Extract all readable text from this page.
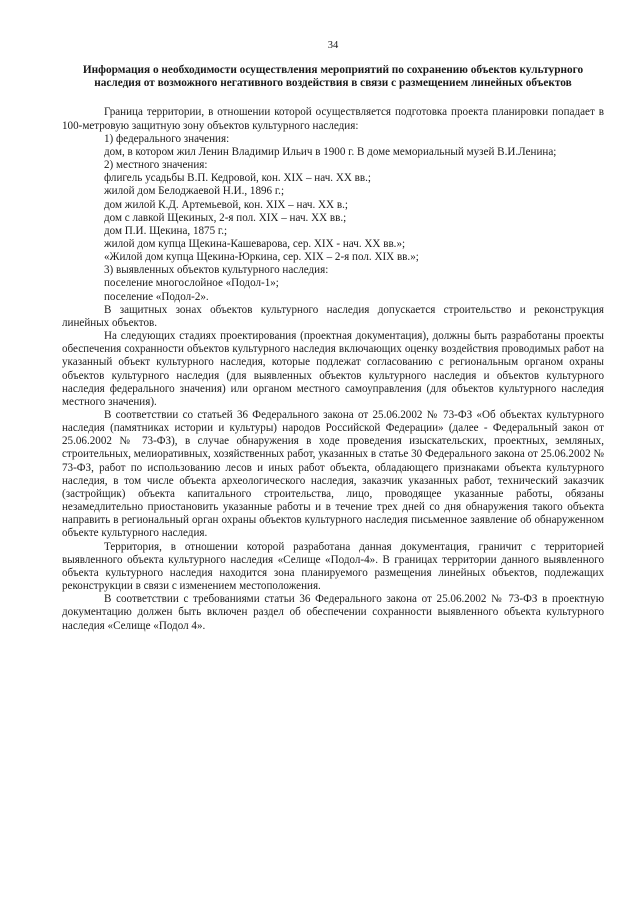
34
Информация о необходимости осуществления мероприятий по сохранению объектов культурного наследия от возможного негативного воздействия в связи с размещением линейных объектов

Граница территории, в отношении которой осуществляется подготовка проекта планировки попадает в 100-метровую защитную зону объектов культурного наследия:

1) федерального значения:

дом, в котором жил Ленин Владимир Ильич в 1900 г. В доме мемориальный музей В.И.Ленина;

2) местного значения:

флигель усадьбы В.П. Кедровой, кон. XIX – нач. XX вв.;

жилой дом Белоджаевой Н.И., 1896 г.;

дом жилой К.Д. Артемьевой, кон. XIX – нач. XX в.;

дом с лавкой Щекиных, 2-я пол. XIX – нач. XX вв.;

дом П.И. Щекина, 1875 г.;

жилой дом купца Щекина-Кашеварова, сер. XIX - нач. XX вв.»;

«Жилой дом купца Щекина-Юркина, сер. XIX – 2-я пол. XIX вв.»;

3) выявленных объектов культурного наследия:

поселение многослойное «Подол-1»;

поселение «Подол-2».

В защитных зонах объектов культурного наследия допускается строительство и реконструкция линейных объектов.

На следующих стадиях проектирования (проектная документация), должны быть разработаны проекты обеспечения сохранности объектов культурного наследия включающих оценку воздействия проводимых работ на указанный объект культурного наследия, которые подлежат согласованию с региональным органом охраны объектов культурного наследия (для выявленных объектов культурного наследия и объектов культурного наследия федерального значения) или органом местного самоуправления (для объектов культурного наследия местного значения).

В соответствии со статьей 36 Федерального закона от 25.06.2002 № 73-ФЗ «Об объектах культурного наследия (памятниках истории и культуры) народов Российской Федерации» (далее - Федеральный закон от 25.06.2002 № 73-ФЗ), в случае обнаружения в ходе проведения изыскательских, проектных, земляных, строительных, мелиоративных, хозяйственных работ, указанных в статье 30 Федерального закона от 25.06.2002 № 73-ФЗ, работ по использованию лесов и иных работ объекта, обладающего признаками объекта культурного наследия, в том числе объекта археологического наследия, заказчик указанных работ, технический заказчик (застройщик) объекта капитального строительства, лицо, проводящее указанные работы, обязаны незамедлительно приостановить указанные работы и в течение трех дней со дня обнаружения такого объекта направить в региональный орган охраны объектов культурного наследия письменное заявление об обнаруженном объекте культурного наследия.

Территория, в отношении которой разработана данная документация, граничит с территорией выявленного объекта культурного наследия «Селище «Подол-4». В границах территории данного выявленного объекта культурного наследия находится зона планируемого размещения линейных объектов, подлежащих реконструкции в связи с изменением местоположения.

В соответствии с требованиями статьи 36 Федерального закона от 25.06.2002 № 73-ФЗ в проектную документацию должен быть включен раздел об обеспечении сохранности выявленного объекта культурного наследия «Селище «Подол 4».
